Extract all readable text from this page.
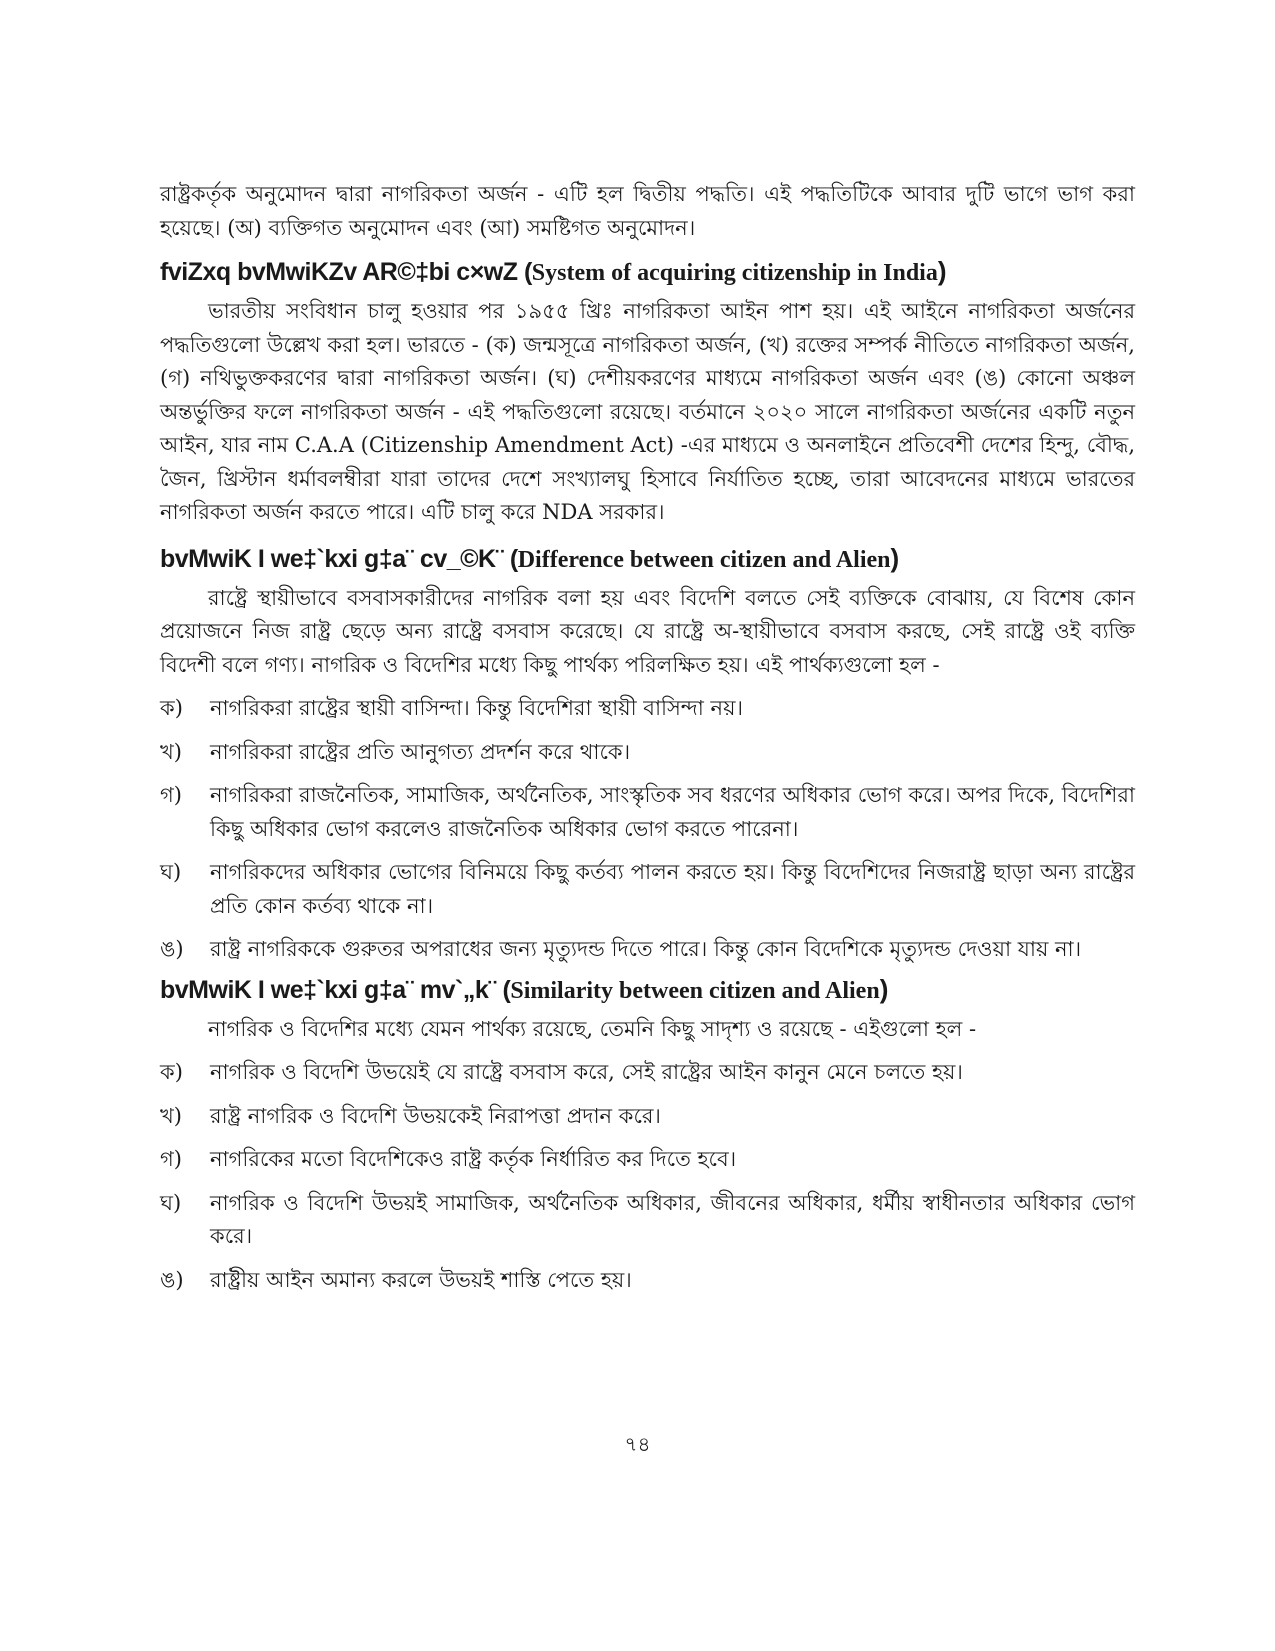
রাষ্ট্রকর্তৃক অনুমোদন দ্বারা নাগরিকতা অর্জন - এটি হল দ্বিতীয় পদ্ধতি। এই পদ্ধতিটিকে আবার দুটি ভাগে ভাগ করা হয়েছে। (অ) ব্যক্তিগত অনুমোদন এবং (আ) সমষ্টিগত অনুমোদন।

fviZxq bvMwiKZv AR©‡bi c×wZ (System of acquiring citizenship in India)

ভারতীয় সংবিধান চালু হওয়ার পর ১৯৫৫ খ্রিঃ নাগরিকতা আইন পাশ হয়। এই আইনে নাগরিকতা অর্জনের পদ্ধতিগুলো উল্লেখ করা হল। ভারতে - (ক) জন্মসূত্রে নাগরিকতা অর্জন, (খ) রক্তের সম্পর্ক নীতিতে নাগরিকতা অর্জন, (গ) নথিভুক্তকরণের দ্বারা নাগরিকতা অর্জন। (ঘ) দেশীয়করণের মাধ্যমে নাগরিকতা অর্জন এবং (ঙ) কোনো অঞ্চল অন্তর্ভুক্তির ফলে নাগরিকতা অর্জন - এই পদ্ধতিগুলো রয়েছে। বর্তমানে ২০২০ সালে নাগরিকতা অর্জনের একটি নতুন আইন, যার নাম C.A.A (Citizenship Amendment Act) -এর মাধ্যমে ও অনলাইনে প্রতিবেশী দেশের হিন্দু, বৌদ্ধ, জৈন, খ্রিস্টান ধর্মাবলম্বীরা যারা তাদের দেশে সংখ্যালঘু হিসাবে নির্যাতিত হচ্ছে, তারা আবেদনের মাধ্যমে ভারতের নাগরিকতা অর্জন করতে পারে। এটি চালু করে NDA সরকার।

bvMwiK I we‡`kxi g‡a¨ cv_©K¨ (Difference between citizen and Alien)

রাষ্ট্রে স্থায়ীভাবে বসবাসকারীদের নাগরিক বলা হয় এবং বিদেশি বলতে সেই ব্যক্তিকে বোঝায়, যে বিশেষ কোন প্রয়োজনে নিজ রাষ্ট্র ছেড়ে অন্য রাষ্ট্রে বসবাস করেছে। যে রাষ্ট্রে অ-স্থায়ীভাবে বসবাস করছে, সেই রাষ্ট্রে ওই ব্যক্তি বিদেশী বলে গণ্য। নাগরিক ও বিদেশির মধ্যে কিছু পার্থক্য পরিলক্ষিত হয়। এই পার্থক্যগুলো হল -

ক)	নাগরিকরা রাষ্ট্রের স্থায়ী বাসিন্দা। কিন্তু বিদেশিরা স্থায়ী বাসিন্দা নয়।
খ)	নাগরিকরা রাষ্ট্রের প্রতি আনুগত্য প্রদর্শন করে থাকে।
গ)	নাগরিকরা রাজনৈতিক, সামাজিক, অর্থনৈতিক, সাংস্কৃতিক সব ধরণের অধিকার ভোগ করে। অপর দিকে, বিদেশিরা কিছু অধিকার ভোগ করলেও রাজনৈতিক অধিকার ভোগ করতে পারেনা।
ঘ)	নাগরিকদের অধিকার ভোগের বিনিময়ে কিছু কর্তব্য পালন করতে হয়। কিন্তু বিদেশিদের নিজরাষ্ট্র ছাড়া অন্য রাষ্ট্রের প্রতি কোন কর্তব্য থাকে না।
ঙ)	রাষ্ট্র নাগরিককে গুরুতর অপরাধের জন্য মৃত্যুদন্ড দিতে পারে। কিন্তু কোন বিদেশিকে মৃত্যুদন্ড দেওয়া যায় না।
bvMwiK I we‡`kxi g‡a¨ mv`„k¨ (Similarity between citizen and Alien)

নাগরিক ও বিদেশির মধ্যে যেমন পার্থক্য রয়েছে, তেমনি কিছু সাদৃশ্য ও রয়েছে - এইগুলো হল -

ক)	নাগরিক ও বিদেশি উভয়েই যে রাষ্ট্রে বসবাস করে, সেই রাষ্ট্রের আইন কানুন মেনে চলতে হয়।
খ)	রাষ্ট্র নাগরিক ও বিদেশি উভয়কেই নিরাপত্তা প্রদান করে।
গ)	নাগরিকের মতো বিদেশিকেও রাষ্ট্র কর্তৃক নির্ধারিত কর দিতে হবে।
ঘ)	নাগরিক ও বিদেশি উভয়ই সামাজিক, অর্থনৈতিক অধিকার, জীবনের অধিকার, ধর্মীয় স্বাধীনতার অধিকার ভোগ করে।
ঙ)	রাষ্ট্রীয় আইন অমান্য করলে উভয়ই শাস্তি পেতে হয়।
৭৪
